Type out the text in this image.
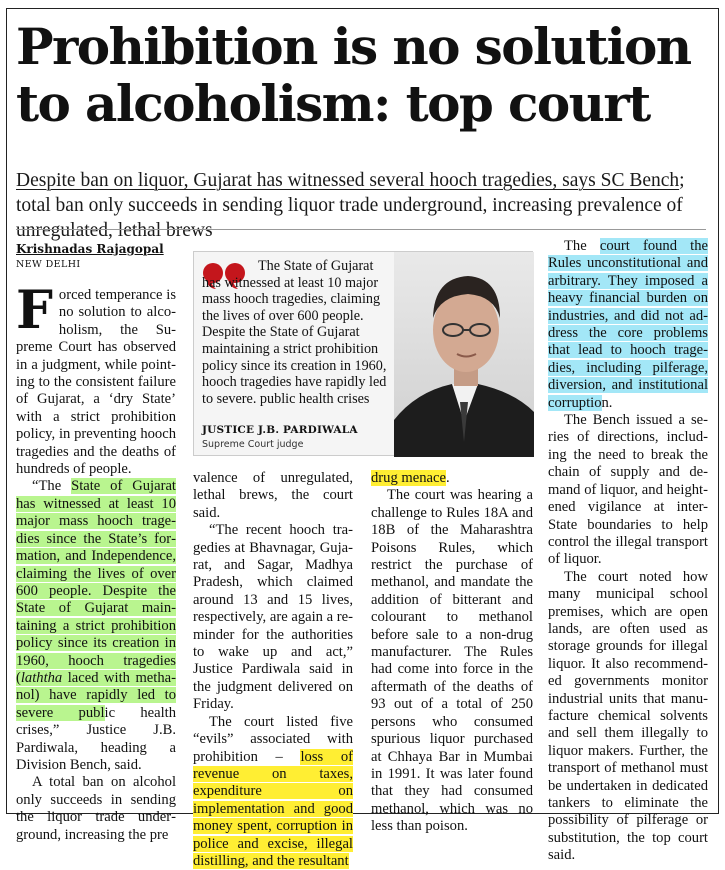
Prohibition is no solution
to alcoholism: top court
Despite ban on liquor, Gujarat has witnessed several hooch tragedies, says SC Bench; total ban only succeeds in sending liquor trade underground, increasing prevalence of unregulated, lethal brews
Krishnadas Rajagopal
NEW DELHI

Forced temperance is no solution to alcoholism, the Supreme Court has observed in a judgment, while pointing to the consistent failure of Gujarat, a ‘dry State’ with a strict prohibition policy, in preventing hooch tragedies and the deaths of hundreds of people.

“The State of Gujarat has witnessed at least 10 major mass hooch tragedies since the State’s formation, and Independence, claiming the lives of over 600 people. Despite the State of Gujarat maintaining a strict prohibition policy since its creation in 1960, hooch tragedies (laththa laced with methanol) have rapidly led to severe public health crises,” Justice J.B. Pardiwala, heading a Division Bench, said.

A total ban on alcohol only succeeds in sending the liquor trade underground, increasing the pre

The State of Gujarat has witnessed at least 10 major mass hooch tragedies, claiming the lives of over 600 people. Despite the State of Gujarat maintaining a strict prohibition policy since its creation in 1960, hooch tragedies have rapidly led to severe. public health crises

JUSTICE J.B. PARDIWALA
Supreme Court judge

valence of unregulated, lethal brews, the court said.

“The recent hooch tragedies at Bhavnagar, Gujarat, and Sagar, Madhya Pradesh, which claimed around 13 and 15 lives, respectively, are again a reminder for the authorities to wake up and act,” Justice Pardiwala said in the judgment delivered on Friday.

The court listed five “evils” associated with prohibition – loss of revenue on taxes, expenditure on implementation and good money spent, corruption in police and excise, illegal distilling, and the resultant

drug menace.

The court was hearing a challenge to Rules 18A and 18B of the Maharashtra Poisons Rules, which restrict the purchase of methanol, and mandate the addition of bitterant and colourant to methanol before sale to a non-drug manufacturer. The Rules had come into force in the aftermath of the deaths of 93 out of a total of 250 persons who consumed spurious liquor purchased at Chhaya Bar in Mumbai in 1991. It was later found that they had consumed methanol, which was no less than poison.

The court found the Rules unconstitutional and arbitrary. They imposed a heavy financial burden on industries, and did not address the core problems that lead to hooch tragedies, including pilferage, diversion, and institutional corruption.

The Bench issued a series of directions, including the need to break the chain of supply and demand of liquor, and heightened vigilance at inter-State boundaries to help control the illegal transport of liquor.

The court noted how many municipal school premises, which are open lands, are often used as storage grounds for illegal liquor. It also recommended governments monitor industrial units that manufacture chemical solvents and sell them illegally to liquor makers. Further, the transport of methanol must be undertaken in dedicated tankers to eliminate the possibility of pilferage or substitution, the top court said.
